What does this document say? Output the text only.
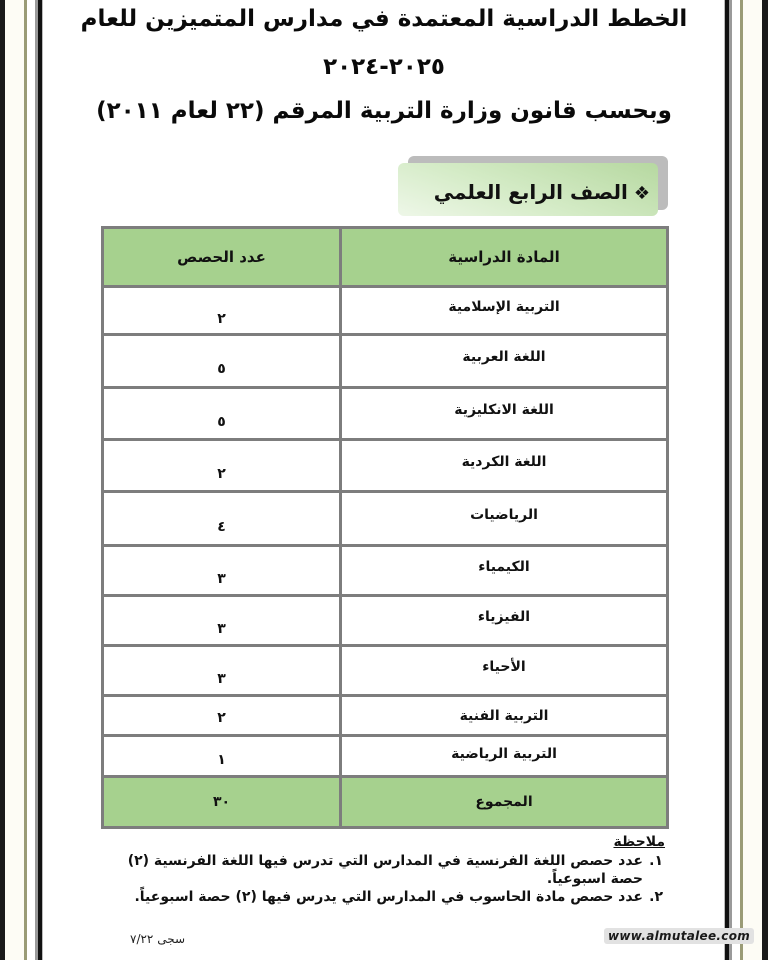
الخطط الدراسية المعتمدة في مدارس المتميزين للعام
٢٠٢٥-٢٠٢٤
وبحسب قانون وزارة التربية المرقم (٢٢ لعام ٢٠١١)
❖الصف الرابع العلمي
المادة الدراسية	عدد الحصص
التربية الإسلامية	٢
اللغة العربية	٥
اللغة الانكليزية	٥
اللغة الكردية	٢
الرياضيات	٤
الكيمياء	٣
الفيزياء	٣
الأحياء	٣
التربية الفنية	٢
التربية الرياضية	١
المجموع	٣٠
ملاحظة
١.
عدد حصص اللغة الفرنسية في المدارس التي تدرس فيها اللغة الفرنسية (٢) حصة اسبوعياً.
٢.
عدد حصص مادة الحاسوب في المدارس التي يدرس فيها (٢) حصة اسبوعياً.
سجى ٧/٢٢	www.almutalee.com
